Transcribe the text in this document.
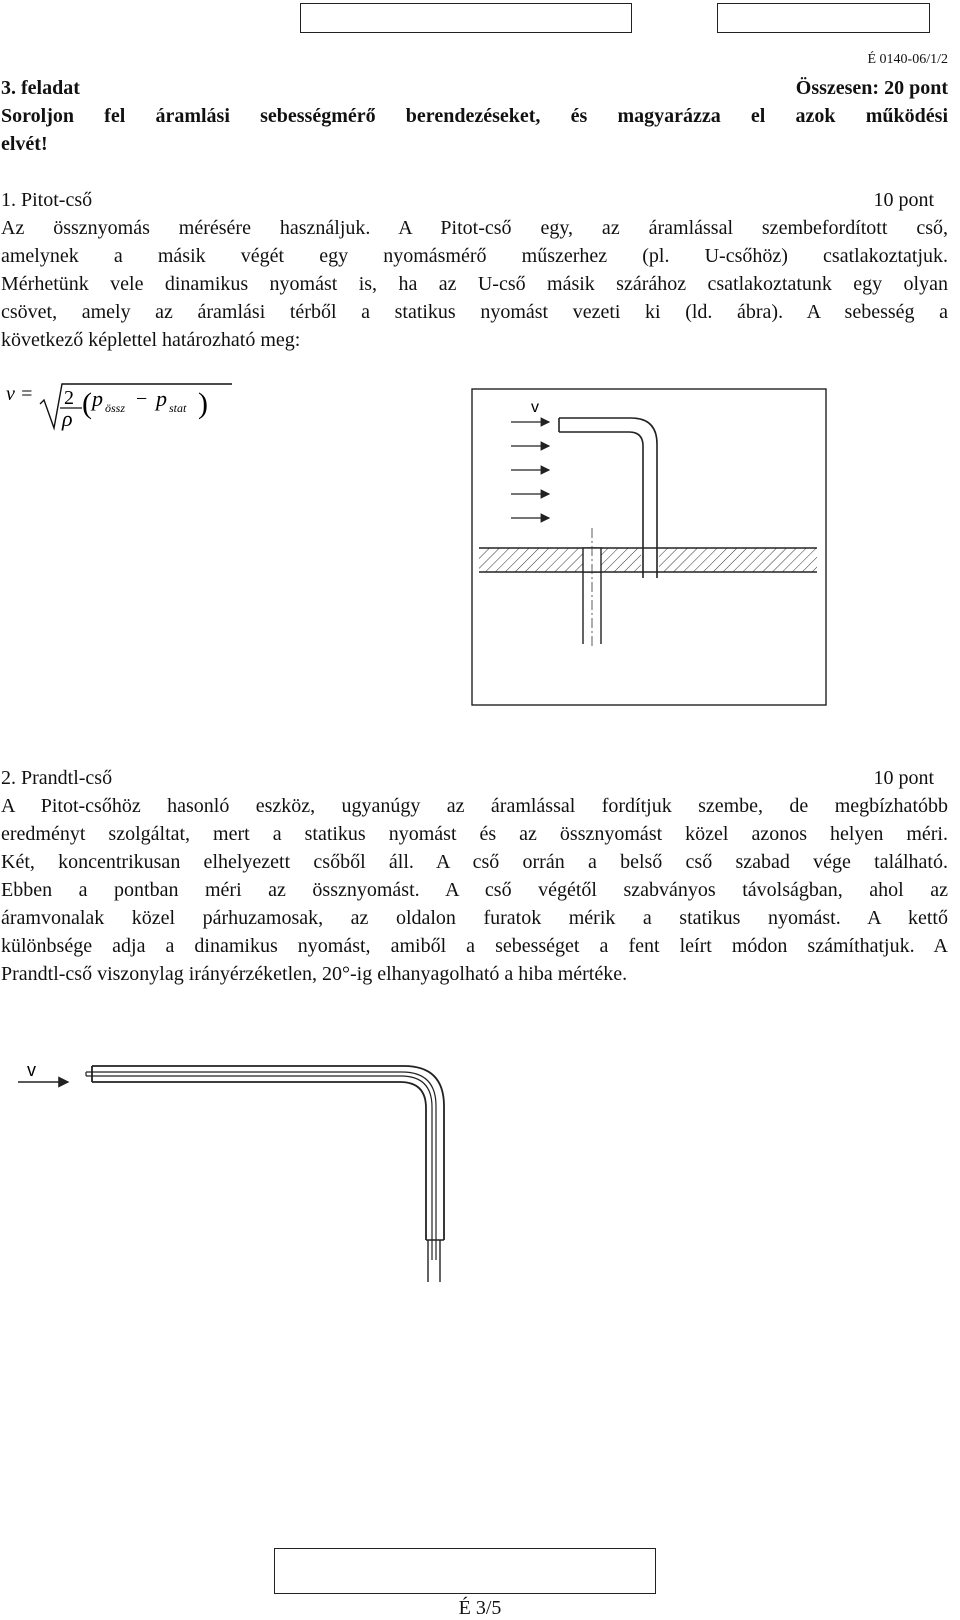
É 0140-06/1/2
3. feladat	Összesen: 20 pont
Soroljon fel áramlási sebességmérő berendezéseket, és magyarázza el azok működési
elvét!
1. Pitot-cső	10 pont
Az össznyomás mérésére használjuk. A Pitot-cső egy, az áramlással szembefordított cső,
amelynek a másik végét egy nyomásmérő műszerhez (pl. U-csőhöz) csatlakoztatjuk.
Mérhetünk vele dinamikus nyomást is, ha az U-cső másik szárához csatlakoztatunk egy olyan
csövet, amely az áramlási térből a statikus nyomást vezeti ki (ld. ábra). A sebesség a
következő képlettel határozható meg:
v = 2
ρ ( p össz − p stat )	v
2. Prandtl-cső	10 pont
A Pitot-csőhöz hasonló eszköz, ugyanúgy az áramlással fordítjuk szembe, de megbízhatóbb
eredményt szolgáltat, mert a statikus nyomást és az össznyomást közel azonos helyen méri.
Két, koncentrikusan elhelyezett csőből áll. A cső orrán a belső cső szabad vége található.
Ebben a pontban méri az össznyomást. A cső végétől szabványos távolságban, ahol az
áramvonalak közel párhuzamosak, az oldalon furatok mérik a statikus nyomást. A kettő
különbsége adja a dinamikus nyomást, amiből a sebességet a fent leírt módon számíthatjuk. A
Prandtl-cső viszonylag irányérzéketlen, 20°-ig elhanyagolható a hiba mértéke.
v
É 3/5
